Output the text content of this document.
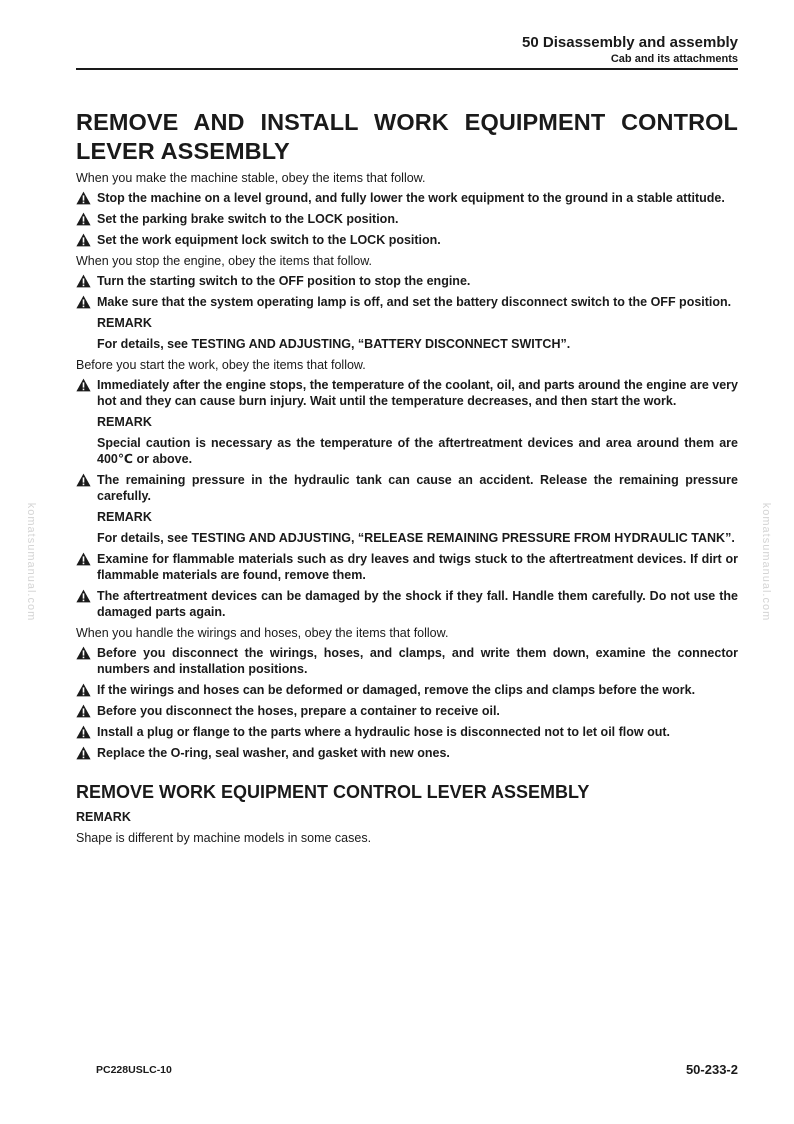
50 Disassembly and assembly
Cab and its attachments
komatsumanual.com	komatsumanual.com
REMOVE AND INSTALL WORK EQUIPMENT CONTROL LEVER ASSEMBLY
When you make the machine stable, obey the items that follow.
Stop the machine on a level ground, and fully lower the work equipment to the ground in a stable attitude.
Set the parking brake switch to the LOCK position.
Set the work equipment lock switch to the LOCK position.
When you stop the engine, obey the items that follow.
Turn the starting switch to the OFF position to stop the engine.
Make sure that the system operating lamp is off, and set the battery disconnect switch to the OFF position.
REMARK
For details, see TESTING AND ADJUSTING, “BATTERY DISCONNECT SWITCH”.
Before you start the work, obey the items that follow.
Immediately after the engine stops, the temperature of the coolant, oil, and parts around the engine are very hot and they can cause burn injury. Wait until the temperature decreases, and then start the work.
REMARK
Special caution is necessary as the temperature of the aftertreatment devices and area around them are 400℃ or above.
The remaining pressure in the hydraulic tank can cause an accident. Release the remaining pressure carefully.
REMARK
For details, see TESTING AND ADJUSTING, “RELEASE REMAINING PRESSURE FROM HYDRAULIC TANK”.
Examine for flammable materials such as dry leaves and twigs stuck to the aftertreatment devices. If dirt or flammable materials are found, remove them.
The aftertreatment devices can be damaged by the shock if they fall. Handle them carefully. Do not use the damaged parts again.
When you handle the wirings and hoses, obey the items that follow.
Before you disconnect the wirings, hoses, and clamps, and write them down, examine the connector numbers and installation positions.
If the wirings and hoses can be deformed or damaged, remove the clips and clamps before the work.
Before you disconnect the hoses, prepare a container to receive oil.
Install a plug or flange to the parts where a hydraulic hose is disconnected not to let oil flow out.
Replace the O-ring, seal washer, and gasket with new ones.
REMOVE WORK EQUIPMENT CONTROL LEVER ASSEMBLY
REMARK
Shape is different by machine models in some cases.
PC228USLC-10	50-233-2
